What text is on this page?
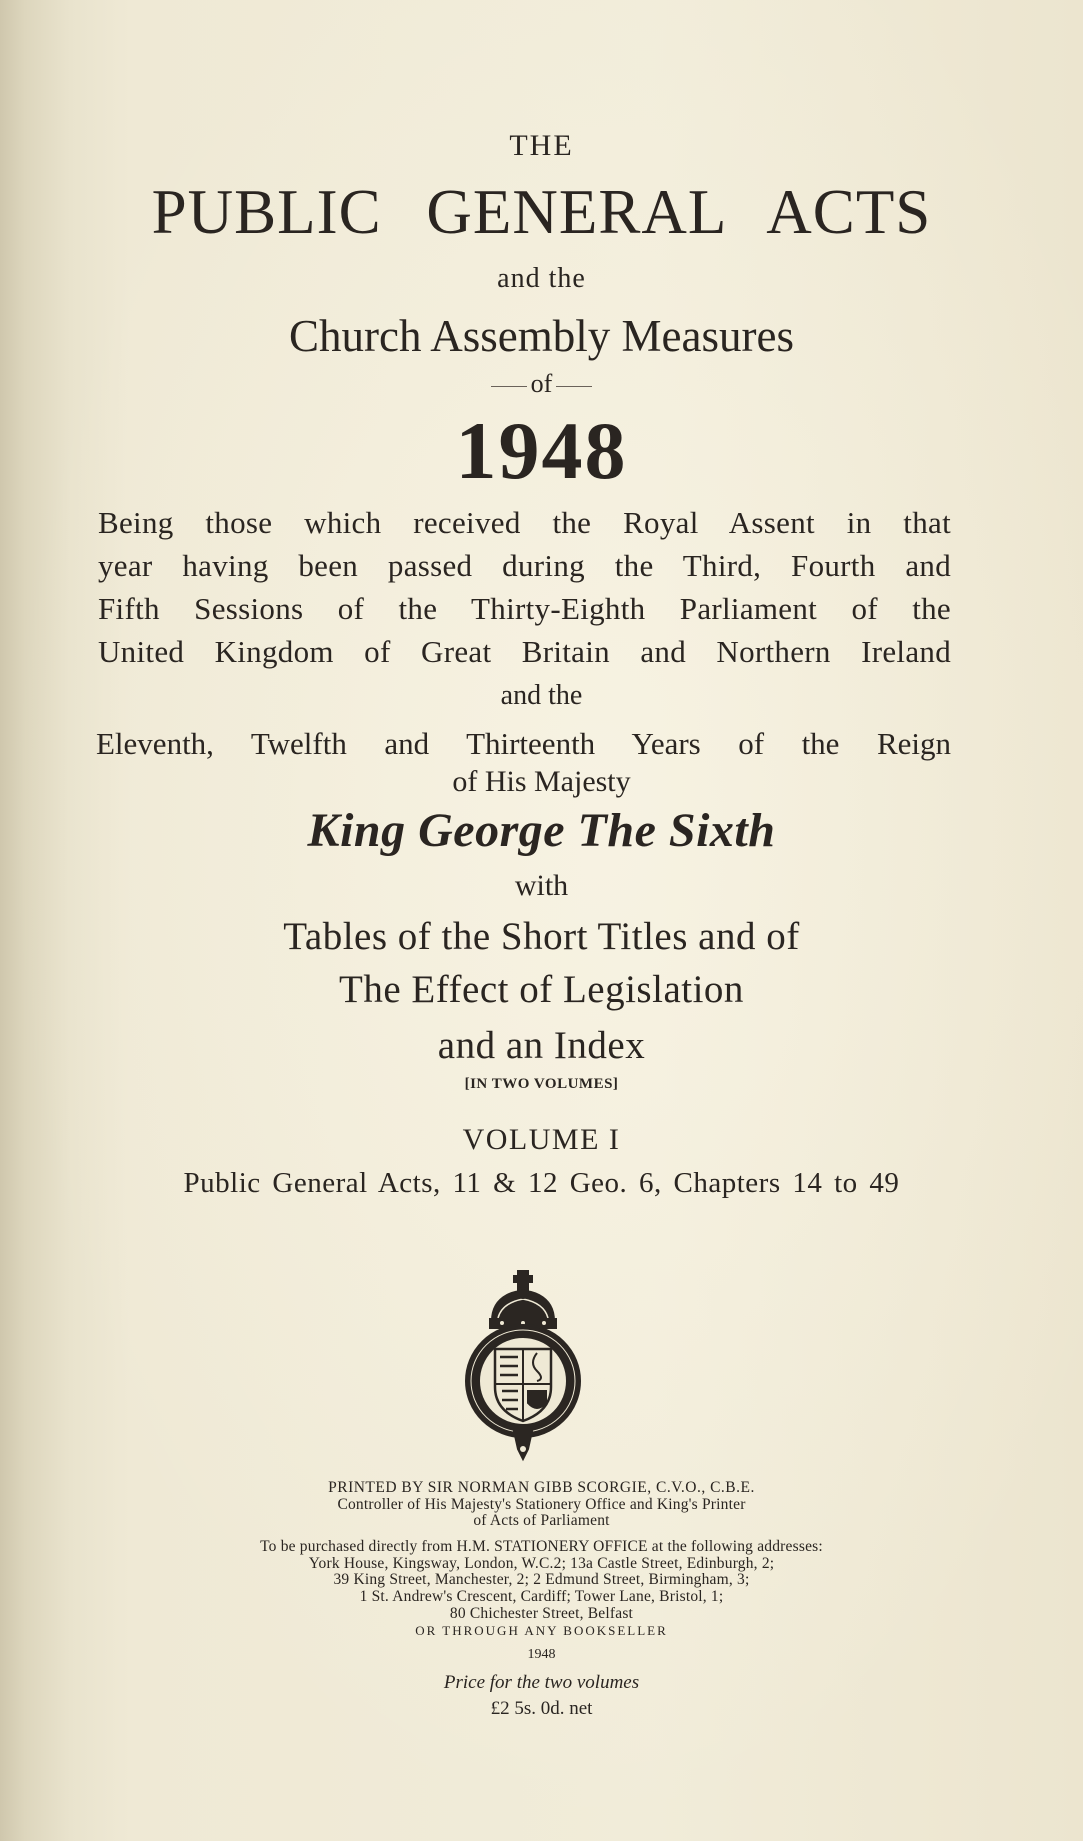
THE
PUBLIC GENERAL ACTS
and the
Church Assembly Measures
of
1948
Being those which received the Royal Assent in that
year having been passed during the Third, Fourth and
Fifth Sessions of the Thirty-Eighth Parliament of the
United Kingdom of Great Britain and Northern Ireland
and the
Eleventh, Twelfth and Thirteenth Years of the Reign
of His Majesty
King George The Sixth
with
Tables of the Short Titles and of
The Effect of Legislation
and an Index
[IN TWO VOLUMES]
VOLUME I
Public General Acts, 11 & 12 Geo. 6, Chapters 14 to 49
PRINTED BY SIR NORMAN GIBB SCORGIE, C.V.O., C.B.E.
Controller of His Majesty's Stationery Office and King's Printer
of Acts of Parliament
To be purchased directly from H.M. STATIONERY OFFICE at the following addresses:
York House, Kingsway, London, W.C.2; 13a Castle Street, Edinburgh, 2;
39 King Street, Manchester, 2; 2 Edmund Street, Birmingham, 3;
1 St. Andrew's Crescent, Cardiff; Tower Lane, Bristol, 1;
80 Chichester Street, Belfast
OR THROUGH ANY BOOKSELLER
1948
Price for the two volumes
£2 5s. 0d. net
